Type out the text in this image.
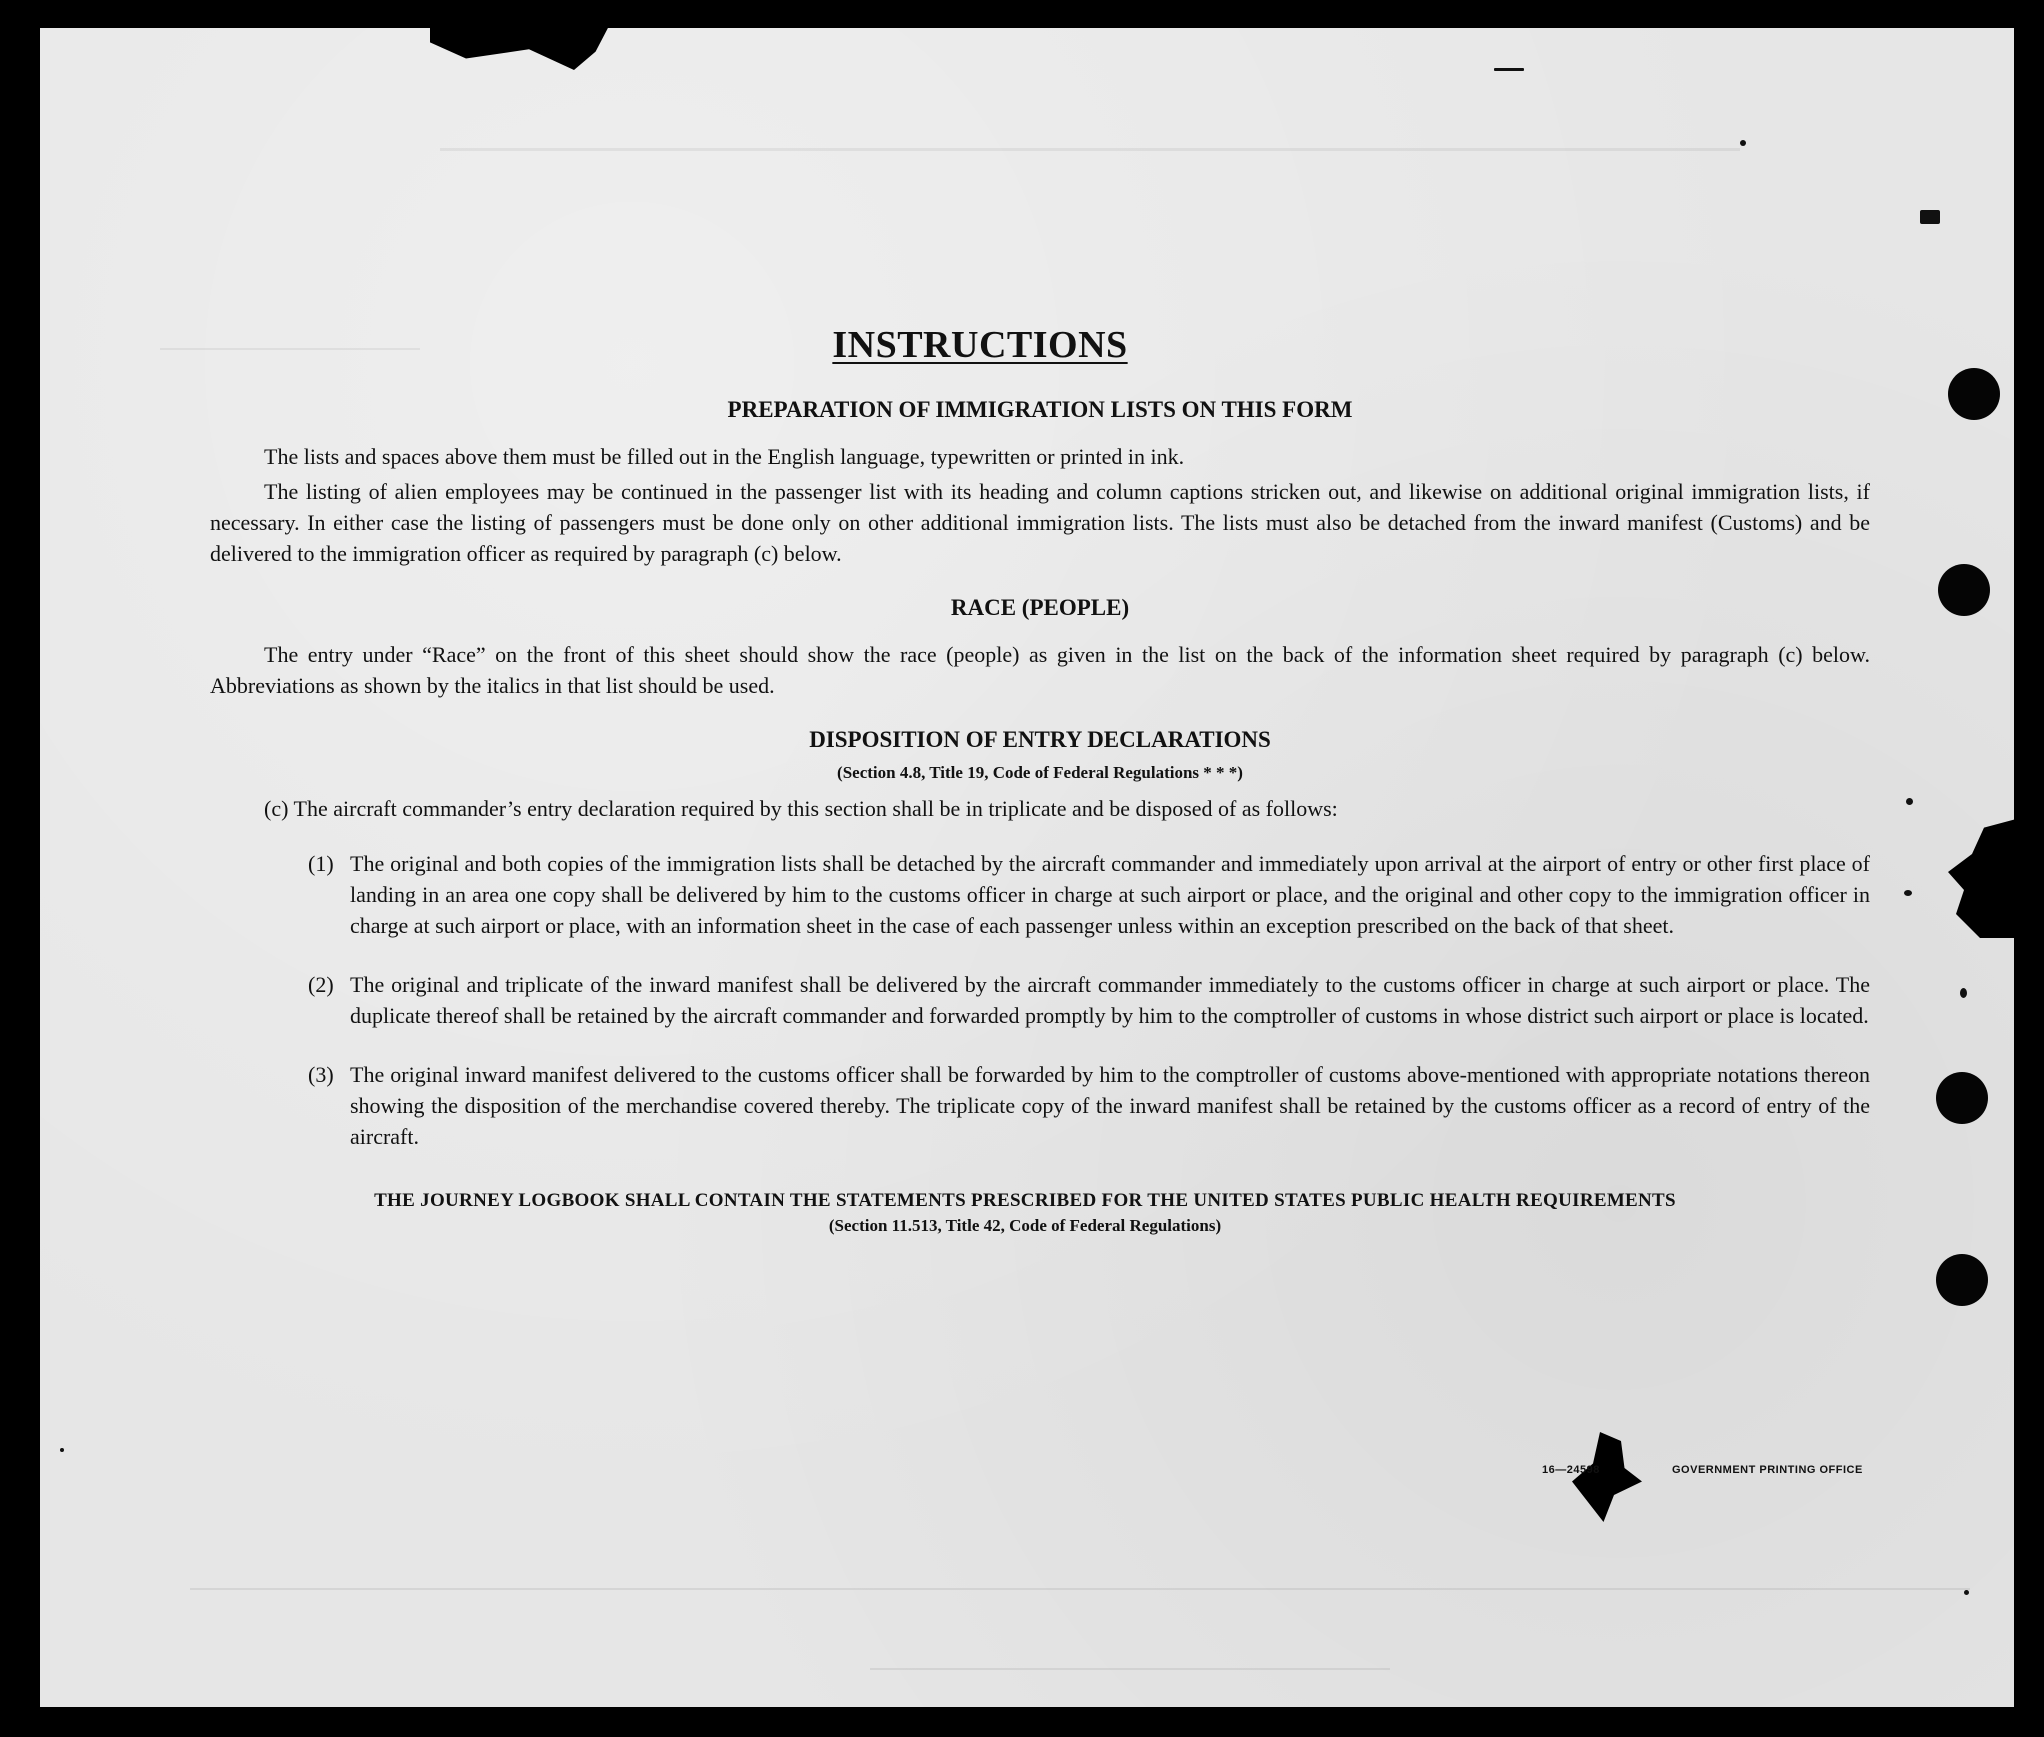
INSTRUCTIONS
PREPARATION OF IMMIGRATION LISTS ON THIS FORM

The lists and spaces above them must be filled out in the English language, typewritten or printed in ink.

The listing of alien employees may be continued in the passenger list with its heading and column captions stricken out, and likewise on additional original immigration lists, if necessary. In either case the listing of passengers must be done only on other additional immigration lists. The lists must also be detached from the inward manifest (Customs) and be delivered to the immigration officer as required by paragraph (c) below.

RACE (PEOPLE)

The entry under “Race” on the front of this sheet should show the race (people) as given in the list on the back of the information sheet required by paragraph (c) below. Abbreviations as shown by the italics in that list should be used.

DISPOSITION OF ENTRY DECLARATIONS
(Section 4.8, Title 19, Code of Federal Regulations * * *)

(c) The aircraft commander’s entry declaration required by this section shall be in triplicate and be disposed of as follows:

(1) The original and both copies of the immigration lists shall be detached by the aircraft commander and immediately upon arrival at the airport of entry or other first place of landing in an area one copy shall be delivered by him to the customs officer in charge at such airport or place, and the original and other copy to the immigration officer in charge at such airport or place, with an information sheet in the case of each passenger unless within an exception prescribed on the back of that sheet.

(2) The original and triplicate of the inward manifest shall be delivered by the aircraft commander immediately to the customs officer in charge at such airport or place. The duplicate thereof shall be retained by the aircraft commander and forwarded promptly by him to the comptroller of customs in whose district such airport or place is located.

(3) The original inward manifest delivered to the customs officer shall be forwarded by him to the comptroller of customs above-mentioned with appropriate notations thereon showing the disposition of the merchandise covered thereby. The triplicate copy of the inward manifest shall be retained by the customs officer as a record of entry of the aircraft.

THE JOURNEY LOGBOOK SHALL CONTAIN THE STATEMENTS PRESCRIBED FOR THE UNITED STATES PUBLIC HEALTH REQUIREMENTS
(Section 11.513, Title 42, Code of Federal Regulations)
16—24598	GOVERNMENT PRINTING OFFICE
